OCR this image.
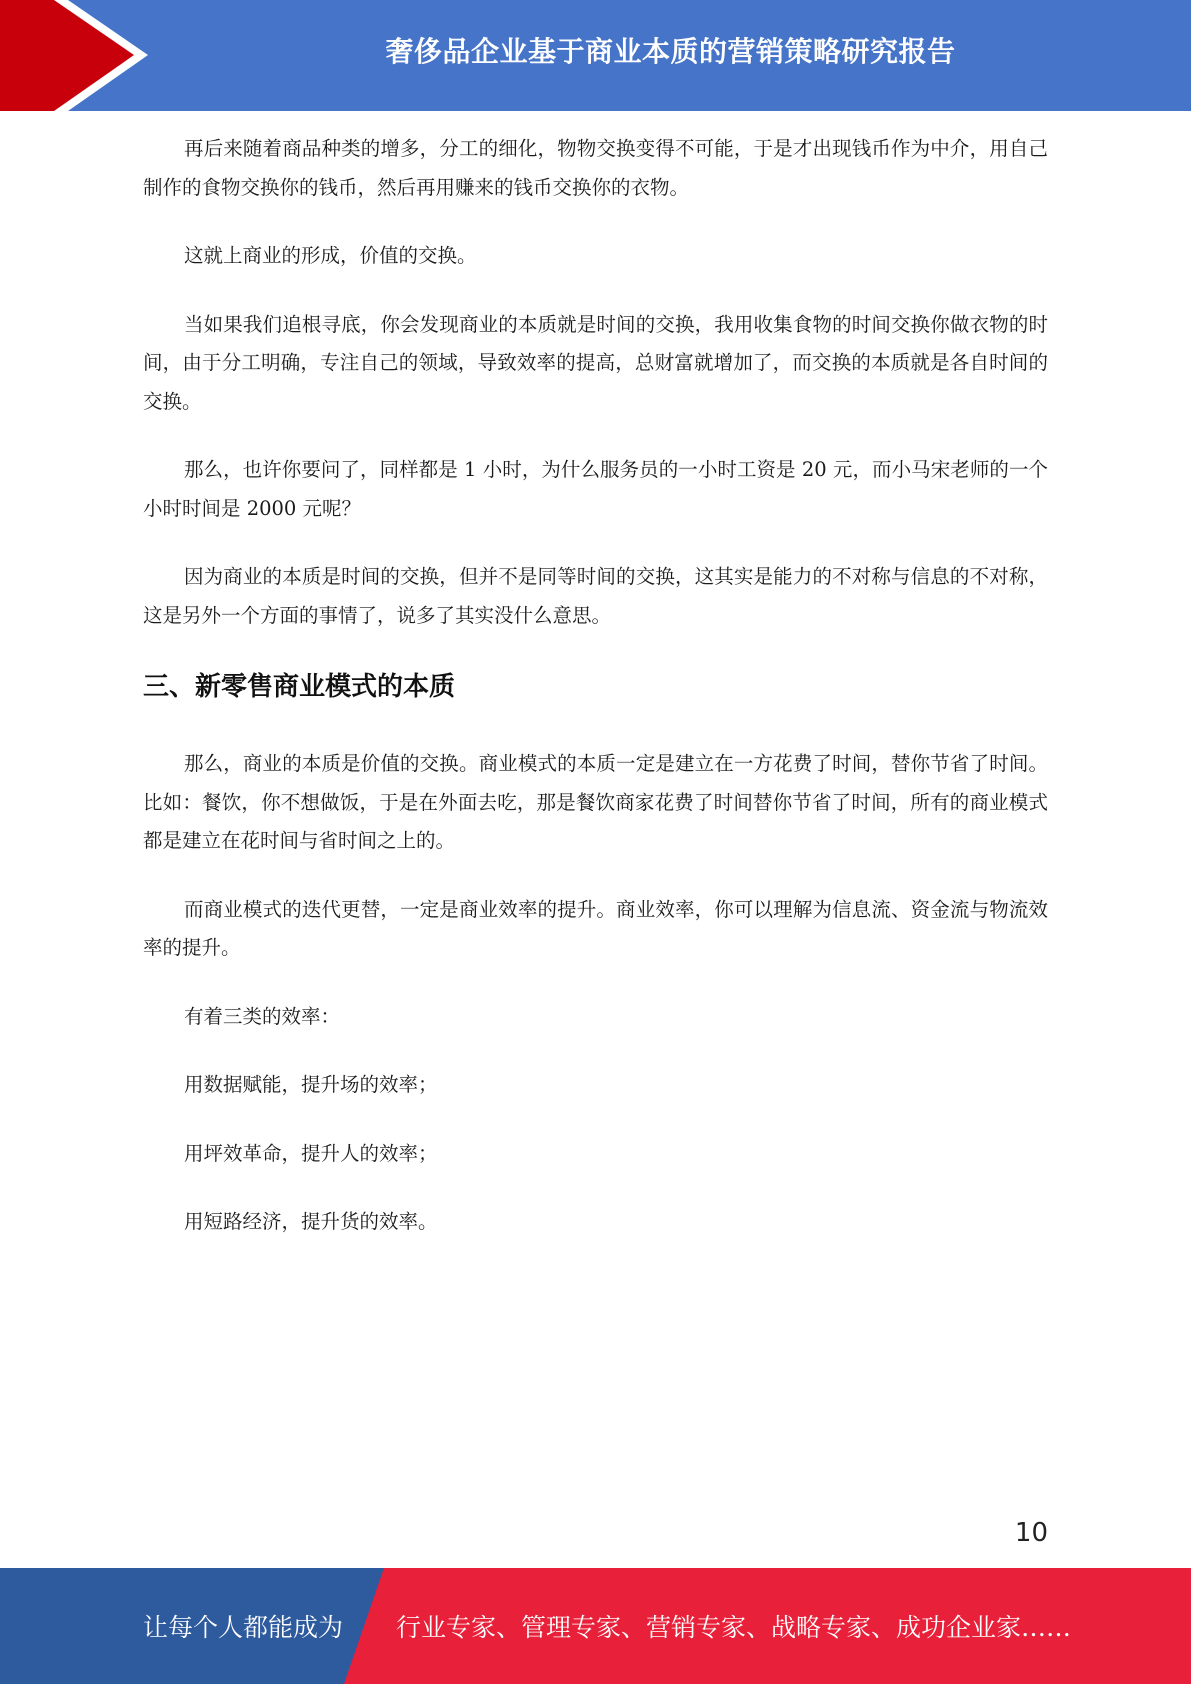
奢侈品企业基于商业本质的营销策略研究报告

再后来随着商品种类的增多，分工的细化，物物交换变得不可能，于是才出现钱币作为中介，用自己制作的食物交换你的钱币，然后再用赚来的钱币交换你的衣物。

这就上商业的形成，价值的交换。

当如果我们追根寻底，你会发现商业的本质就是时间的交换，我用收集食物的时间交换你做衣物的时间，由于分工明确，专注自己的领域，导致效率的提高，总财富就增加了，而交换的本质就是各自时间的交换。

那么，也许你要问了，同样都是 1 小时，为什么服务员的一小时工资是 20 元，而小马宋老师的一个小时时间是 2000 元呢？

因为商业的本质是时间的交换，但并不是同等时间的交换，这其实是能力的不对称与信息的不对称，这是另外一个方面的事情了，说多了其实没什么意思。

三、新零售商业模式的本质

那么，商业的本质是价值的交换。商业模式的本质一定是建立在一方花费了时间，替你节省了时间。比如：餐饮，你不想做饭，于是在外面去吃，那是餐饮商家花费了时间替你节省了时间，所有的商业模式都是建立在花时间与省时间之上的。

而商业模式的迭代更替，一定是商业效率的提升。商业效率，你可以理解为信息流、资金流与物流效率的提升。

有着三类的效率：

用数据赋能，提升场的效率；

用坪效革命，提升人的效率；

用短路经济，提升货的效率。

10
让每个人都能成为 行业专家、管理专家、营销专家、战略专家、成功企业家……
